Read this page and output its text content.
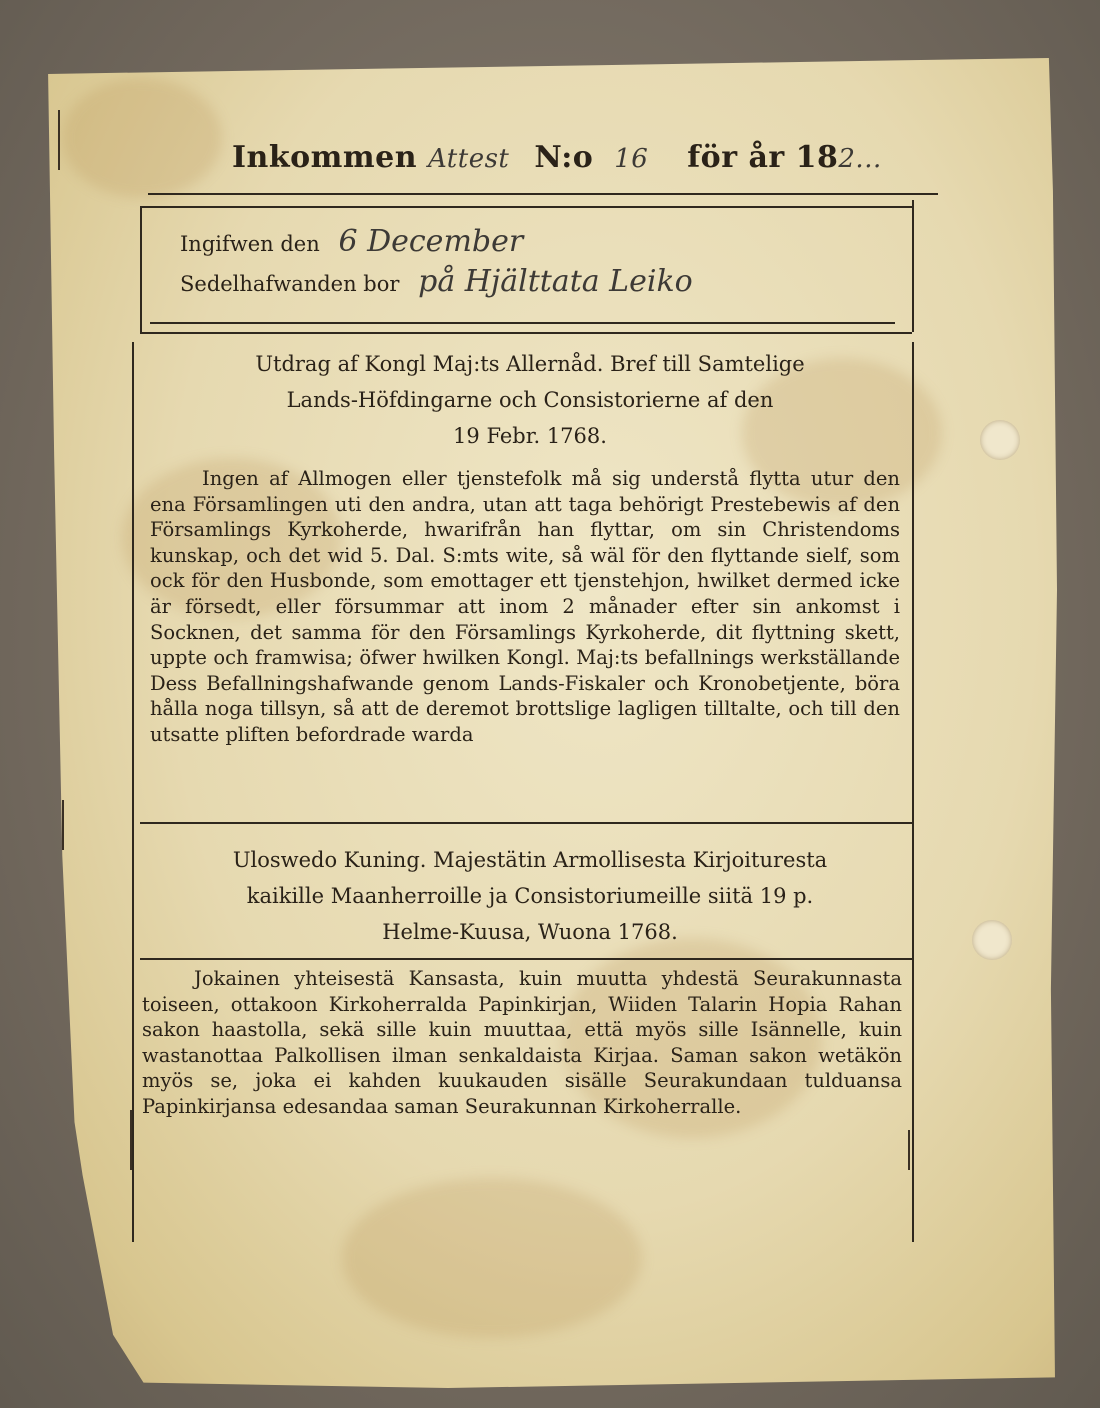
Inkommen Attest N:o 16 för år 182...
Ingifwen den 6 December
Sedelhafwanden bor på Hjälttata Leiko
Utdrag af Kongl Maj:ts Allernåd. Bref till Samtelige
Lands-Höfdingarne och Consistorierne af den
19 Febr. 1768.

Ingen af Allmogen eller tjenstefolk må sig understå flytta utur den ena Församlingen uti den andra, utan att taga behörigt Prestebewis af den Församlings Kyrkoherde, hwarifrån han flyttar, om sin Christendoms kunskap, och det wid 5. Dal. S:mts wite, så wäl för den flyttande sielf, som ock för den Husbonde, som emottager ett tjenstehjon, hwilket dermed icke är försedt, eller försummar att inom 2 månader efter sin ankomst i Socknen, det samma för den Församlings Kyrkoherde, dit flyttning skett, uppte och framwisa; öfwer hwilken Kongl. Maj:ts befallnings werkställande Dess Befallningshafwande genom Lands-Fiskaler och Kronobetjente, böra hålla noga tillsyn, så att de deremot brottslige lagligen tilltalte, och till den utsatte pliften befordrade warda

Uloswedo Kuning. Majestätin Armollisesta Kirjoituresta
kaikille Maanherroille ja Consistoriumeille siitä 19 p.
Helme-Kuusa, Wuona 1768.

Jokainen yhteisestä Kansasta, kuin muutta yhdestä Seurakunnasta toiseen, ottakoon Kirkoherralda Papinkirjan, Wiiden Talarin Hopia Rahan sakon haastolla, sekä sille kuin muuttaa, että myös sille Isännelle, kuin wastanottaa Palkollisen ilman senkaldaista Kirjaa. Saman sakon wetäkön myös se, joka ei kahden kuukauden sisälle Seurakundaan tulduansa Papinkirjansa edesandaa saman Seurakunnan Kirkoherralle.
